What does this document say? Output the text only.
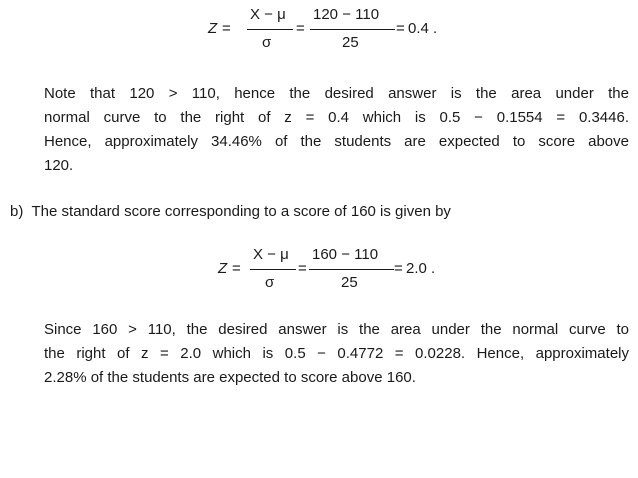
Z =
X − μ
σ
=
120 − 110
25
= 0.4 .
Note that 120 > 110, hence the desired answer is the area under the
normal curve to the right of z = 0.4 which is 0.5 − 0.1554 = 0.3446.
Hence, approximately 34.46% of the students are expected to score above
120.
b) The standard score corresponding to a score of 160 is given by
Z =
X − μ
σ
=
160 − 110
25
= 2.0 .
Since 160 > 110, the desired answer is the area under the normal curve to
the right of z = 2.0 which is 0.5 − 0.4772 = 0.0228. Hence, approximately
2.28% of the students are expected to score above 160.
